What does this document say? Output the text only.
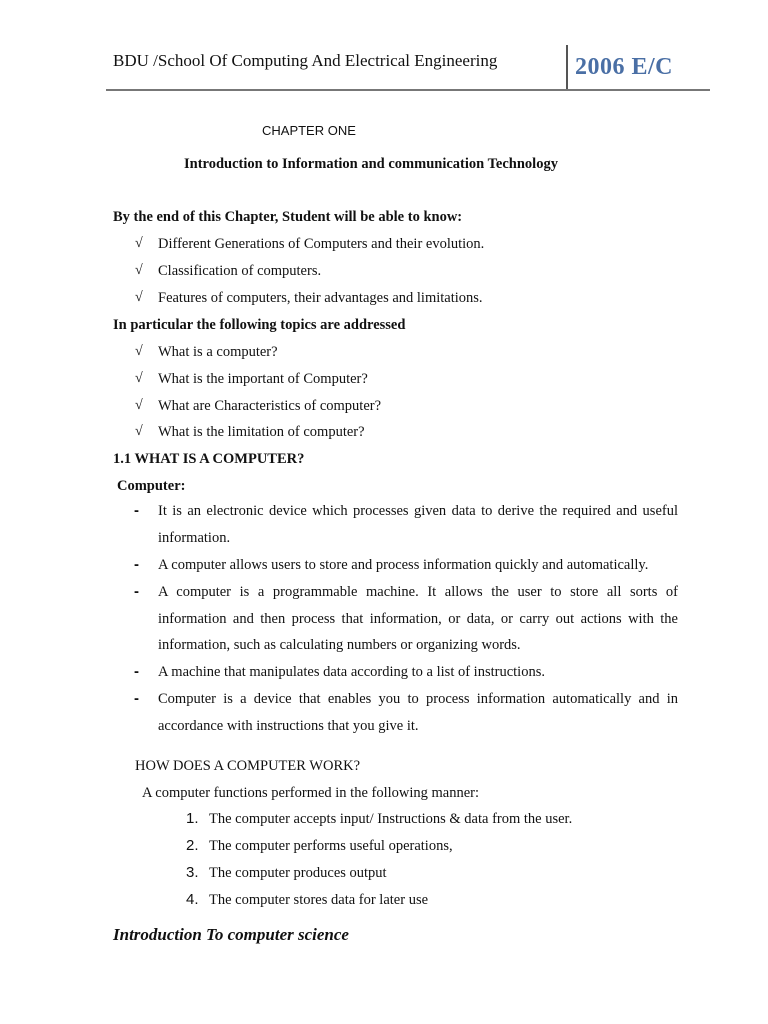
BDU /School Of Computing And Electrical Engineering	2006 E/C
CHAPTER ONE
Introduction to Information and communication Technology
By the end of this Chapter, Student will be able to know:
√ Different Generations of Computers and their evolution.
√ Classification of computers.
√ Features of computers, their advantages and limitations.
In particular the following topics are addressed
√ What is a computer?
√ What is the important of Computer?
√ What are Characteristics of computer?
√ What is the limitation of computer?
1.1 WHAT IS A COMPUTER?
Computer:
- It is an electronic device which processes given data to derive the required and useful information.
- A computer allows users to store and process information quickly and automatically.
- A computer is a programmable machine. It allows the user to store all sorts of information and then process that information, or data, or carry out actions with the information, such as calculating numbers or organizing words.
- A machine that manipulates data according to a list of instructions.
- Computer is a device that enables you to process information automatically and in accordance with instructions that you give it.
HOW DOES A COMPUTER WORK?
A computer functions performed in the following manner:
1. The computer accepts input/ Instructions & data from the user.
2. The computer performs useful operations,
3. The computer produces output
4. The computer stores data for later use
Introduction To computer science
